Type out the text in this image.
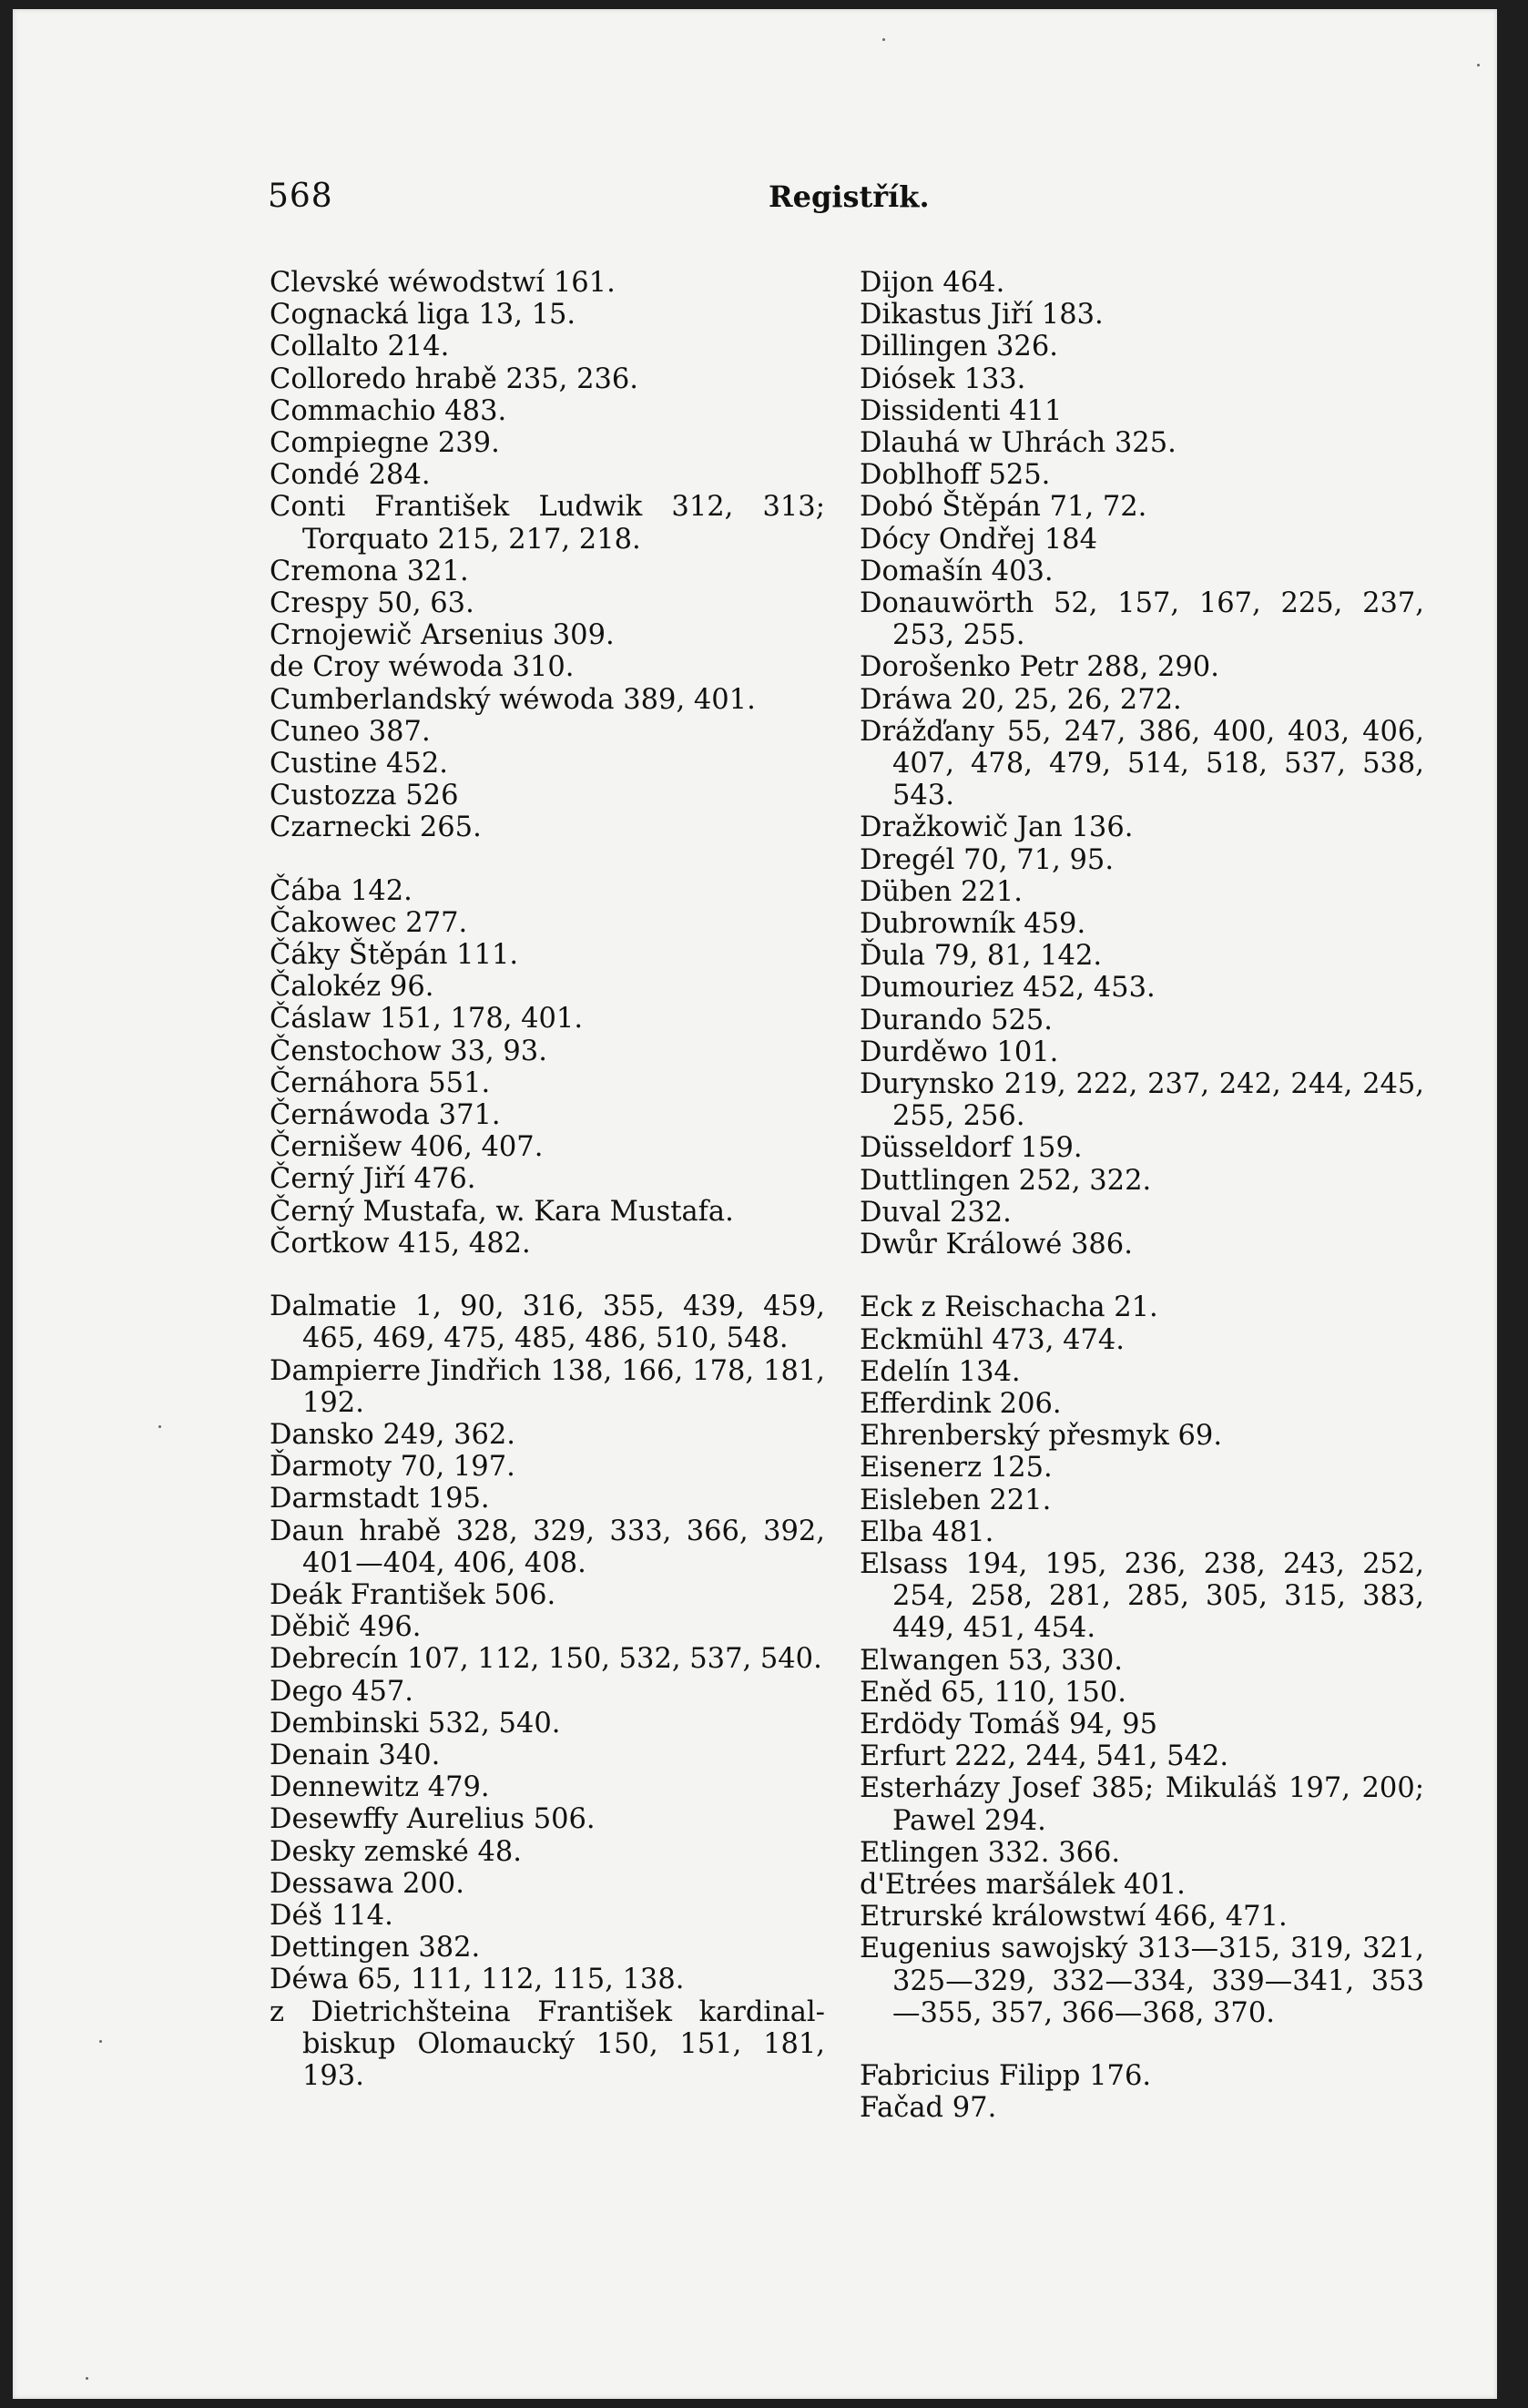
568	Registřík.
Clevské wéwodstwí 161.
Cognacká liga 13, 15.
Collalto 214.
Colloredo hrabě 235, 236.
Commachio 483.
Compiegne 239.
Condé 284.
Conti František Ludwik 312, 313; Torquato 215, 217, 218.
Cremona 321.
Crespy 50, 63.
Crnojewič Arsenius 309.
de Croy wéwoda 310.
Cumberlandský wéwoda 389, 401.
Cuneo 387.
Custine 452.
Custozza 526
Czarnecki 265.
Čába 142.
Čakowec 277.
Čáky Štěpán 111.
Čalokéz 96.
Čáslaw 151, 178, 401.
Čenstochow 33, 93.
Černáhora 551.
Černáwoda 371.
Černišew 406, 407.
Černý Jiří 476.
Černý Mustafa, w. Kara Mustafa.
Čortkow 415, 482.
Dalmatie 1, 90, 316, 355, 439, 459, 465, 469, 475, 485, 486, 510, 548.
Dampierre Jindřich 138, 166, 178, 181, 192.
Dansko 249, 362.
Ďarmoty 70, 197.
Darmstadt 195.
Daun hrabě 328, 329, 333, 366, 392, 401—404, 406, 408.
Deák František 506.
Děbič 496.
Debrecín 107, 112, 150, 532, 537, 540.
Dego 457.
Dembinski 532, 540.
Denain 340.
Dennewitz 479.
Desewffy Aurelius 506.
Desky zemské 48.
Dessawa 200.
Déš 114.
Dettingen 382.
Déwa 65, 111, 112, 115, 138.
z Dietrichšteina František kardinal-biskup Olomaucký 150, 151, 181, 193.
Dijon 464.
Dikastus Jiří 183.
Dillingen 326.
Diósek 133.
Dissidenti 411
Dlauhá w Uhrách 325.
Doblhoff 525.
Dobó Štěpán 71, 72.
Dócy Ondřej 184
Domašín 403.
Donauwörth 52, 157, 167, 225, 237, 253, 255.
Dorošenko Petr 288, 290.
Dráwa 20, 25, 26, 272.
Drážďany 55, 247, 386, 400, 403, 406, 407, 478, 479, 514, 518, 537, 538, 543.
Dražkowič Jan 136.
Dregél 70, 71, 95.
Düben 221.
Dubrowník 459.
Ďula 79, 81, 142.
Dumouriez 452, 453.
Durando 525.
Durděwo 101.
Durynsko 219, 222, 237, 242, 244, 245, 255, 256.
Düsseldorf 159.
Duttlingen 252, 322.
Duval 232.
Dwůr Králowé 386.
Eck z Reischacha 21.
Eckmühl 473, 474.
Edelín 134.
Efferdink 206.
Ehrenberský přesmyk 69.
Eisenerz 125.
Eisleben 221.
Elba 481.
Elsass 194, 195, 236, 238, 243, 252, 254, 258, 281, 285, 305, 315, 383, 449, 451, 454.
Elwangen 53, 330.
Eněd 65, 110, 150.
Erdödy Tomáš 94, 95
Erfurt 222, 244, 541, 542.
Esterházy Josef 385; Mikuláš 197, 200; Pawel 294.
Etlingen 332. 366.
d'Etrées maršálek 401.
Etrurské králowstwí 466, 471.
Eugenius sawojský 313—315, 319, 321, 325—329, 332—334, 339—341, 353—355, 357, 366—368, 370.
Fabricius Filipp 176.
Fačad 97.
